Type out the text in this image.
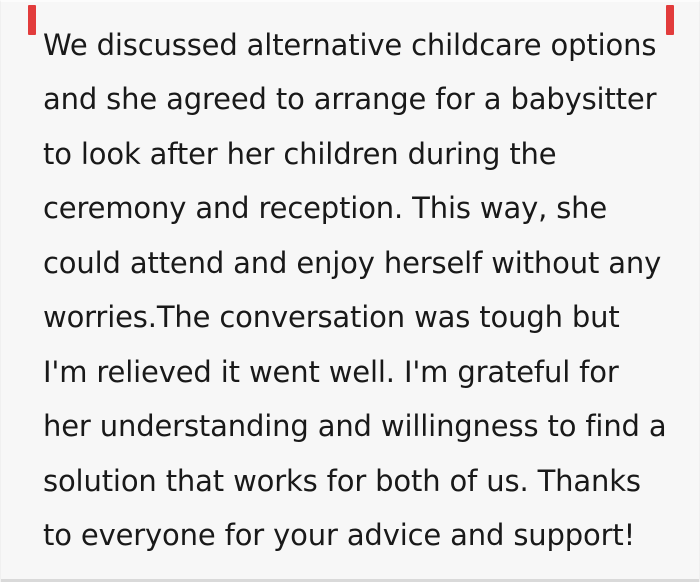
We discussed alternative childcare options
and she agreed to arrange for a babysitter
to look after her children during the
ceremony and reception. This way, she
could attend and enjoy herself without any
worries.The conversation was tough but
I'm relieved it went well. I'm grateful for
her understanding and willingness to find a
solution that works for both of us. Thanks
to everyone for your advice and support!
